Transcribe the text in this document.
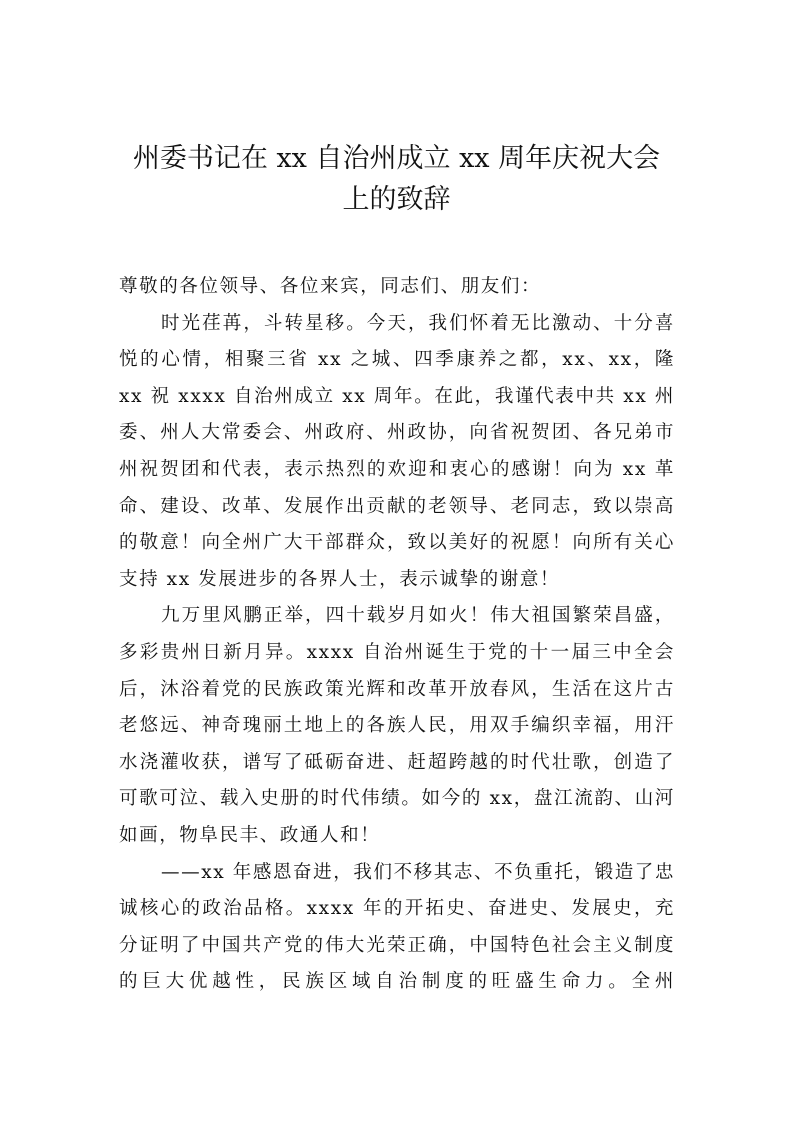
州委书记在 xx 自治州成立 xx 周年庆祝大会
上的致辞

尊敬的各位领导、各位来宾，同志们、朋友们：

时光荏苒，斗转星移。今天，我们怀着无比激动、十分喜悦的心情，相聚三省 xx 之城、四季康养之都，xx、xx，隆 xx 祝 xxxx 自治州成立 xx 周年。在此，我谨代表中共 xx 州委、州人大常委会、州政府、州政协，向省祝贺团、各兄弟市州祝贺团和代表，表示热烈的欢迎和衷心的感谢！向为 xx 革命、建设、改革、发展作出贡献的老领导、老同志，致以崇高的敬意！向全州广大干部群众，致以美好的祝愿！向所有关心支持 xx 发展进步的各界人士，表示诚挚的谢意！

九万里风鹏正举，四十载岁月如火！伟大祖国繁荣昌盛，多彩贵州日新月异。xxxx 自治州诞生于党的十一届三中全会后，沐浴着党的民族政策光辉和改革开放春风，生活在这片古老悠远、神奇瑰丽土地上的各族人民，用双手编织幸福，用汗水浇灌收获，谱写了砥砺奋进、赶超跨越的时代壮歌，创造了可歌可泣、载入史册的时代伟绩。如今的 xx，盘江流韵、山河如画，物阜民丰、政通人和！

——xx 年感恩奋进，我们不移其志、不负重托，锻造了忠诚核心的政治品格。xxxx 年的开拓史、奋进史、发展史，充分证明了中国共产党的伟大光荣正确，中国特色社会主义制度的巨大优越性，民族区域自治制度的旺盛生命力。全州
